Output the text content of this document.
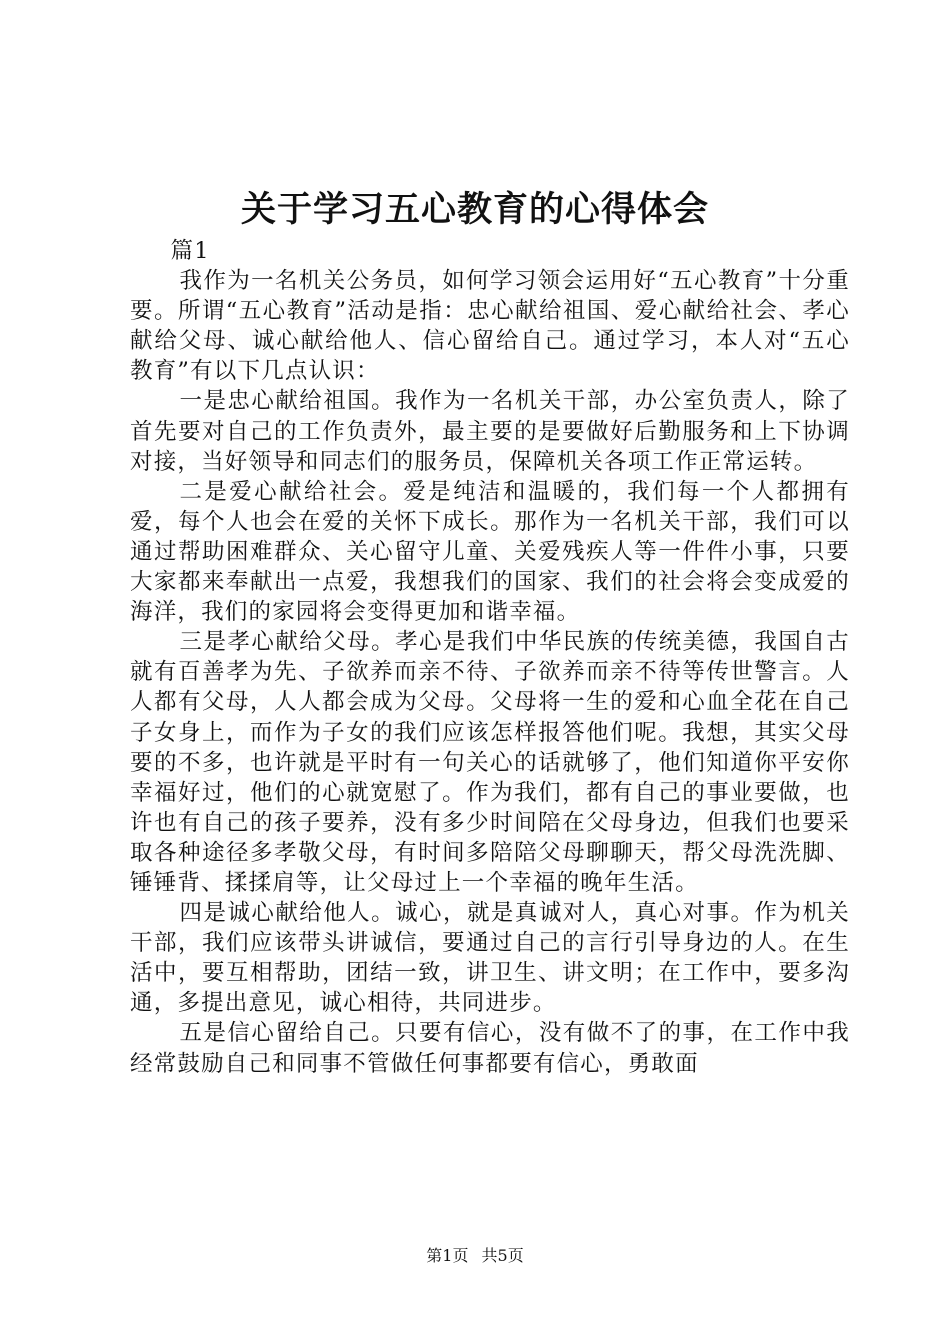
关于学习五心教育的心得体会

篇1

我作为一名机关公务员，如何学习领会运用好“五心教育”十分重要。所谓“五心教育”活动是指：忠心献给祖国、爱心献给社会、孝心献给父母、诚心献给他人、信心留给自己。通过学习，本人对“五心教育”有以下几点认识：

一是忠心献给祖国。我作为一名机关干部，办公室负责人，除了首先要对自己的工作负责外，最主要的是要做好后勤服务和上下协调对接，当好领导和同志们的服务员，保障机关各项工作正常运转。

二是爱心献给社会。爱是纯洁和温暖的，我们每一个人都拥有爱，每个人也会在爱的关怀下成长。那作为一名机关干部，我们可以通过帮助困难群众、关心留守儿童、关爱残疾人等一件件小事，只要大家都来奉献出一点爱，我想我们的国家、我们的社会将会变成爱的海洋，我们的家园将会变得更加和谐幸福。

三是孝心献给父母。孝心是我们中华民族的传统美德，我国自古就有百善孝为先、子欲养而亲不待、子欲养而亲不待等传世警言。人人都有父母，人人都会成为父母。父母将一生的爱和心血全花在自己子女身上，而作为子女的我们应该怎样报答他们呢。我想，其实父母要的不多，也许就是平时有一句关心的话就够了，他们知道你平安你幸福好过，他们的心就宽慰了。作为我们，都有自己的事业要做，也许也有自己的孩子要养，没有多少时间陪在父母身边，但我们也要采取各种途径多孝敬父母，有时间多陪陪父母聊聊天，帮父母洗洗脚、锤锤背、揉揉肩等，让父母过上一个幸福的晚年生活。

四是诚心献给他人。诚心，就是真诚对人，真心对事。作为机关干部，我们应该带头讲诚信，要通过自己的言行引导身边的人。在生活中，要互相帮助，团结一致，讲卫生、讲文明；在工作中，要多沟通，多提出意见，诚心相待，共同进步。

五是信心留给自己。只要有信心，没有做不了的事，在工作中我经常鼓励自己和同事不管做任何事都要有信心，勇敢面

第1页 共5页
